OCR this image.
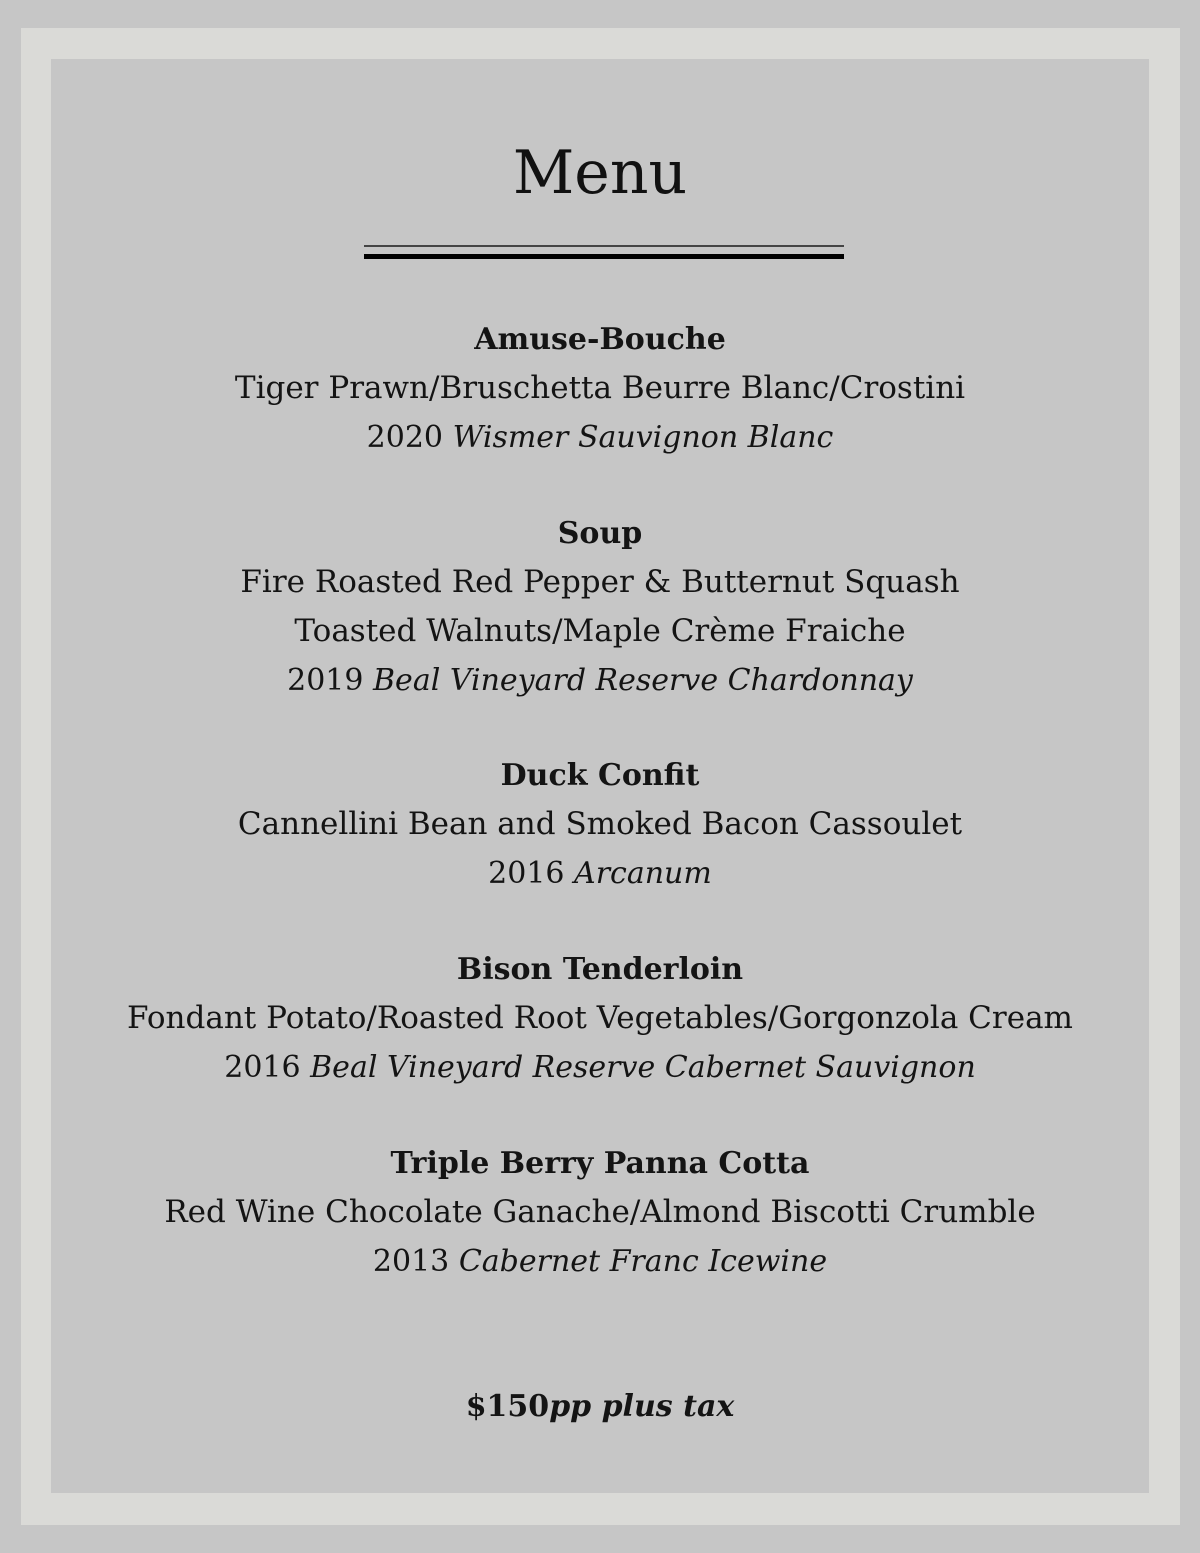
Menu
Amuse-Bouche
Tiger Prawn/Bruschetta Beurre Blanc/Crostini
2020 Wismer Sauvignon Blanc
Soup
Fire Roasted Red Pepper & Butternut Squash
Toasted Walnuts/Maple Crème Fraiche
2019 Beal Vineyard Reserve Chardonnay
Duck Confit
Cannellini Bean and Smoked Bacon Cassoulet
2016 Arcanum
Bison Tenderloin
Fondant Potato/Roasted Root Vegetables/Gorgonzola Cream
2016 Beal Vineyard Reserve Cabernet Sauvignon
Triple Berry Panna Cotta
Red Wine Chocolate Ganache/Almond Biscotti Crumble
2013 Cabernet Franc Icewine
$150pp plus tax
